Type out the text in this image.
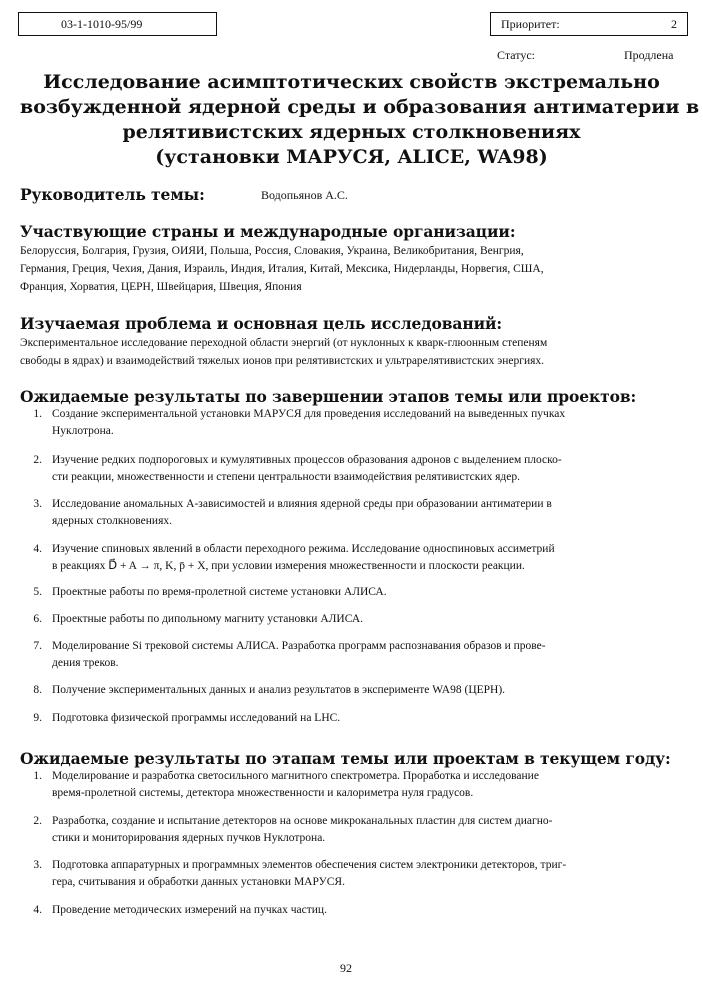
03-1-1010-95/99	Приоритет:	2
Статус:	Продлена
Исследование асимптотических свойств экстремально
возбужденной ядерной среды и образования антиматерии в
релятивистских ядерных столкновениях
(установки МАРУСЯ, ALICE, WA98)
Руководитель темы:	Водопьянов А.С.
Участвующие страны и международные организации:
Белоруссия, Болгария, Грузия, ОИЯИ, Польша, Россия, Словакия, Украина, Великобритания, Венгрия,
Германия, Греция, Чехия, Дания, Израиль, Индия, Италия, Китай, Мексика, Нидерланды, Норвегия, США,
Франция, Хорватия, ЦЕРН, Швейцария, Швеция, Япония
Изучаемая проблема и основная цель исследований:
Экспериментальное исследование переходной области энергий (от нуклонных к кварк-глюонным степеням
свободы в ядрах) и взаимодействий тяжелых ионов при релятивистских и ультрарелятивистских энергиях.
Ожидаемые результаты по завершении этапов темы или проектов:
1. Создание экспериментальной установки МАРУСЯ для проведения исследований на выведенных пучках
Нуклотрона.
2. Изучение редких подпороговых и кумулятивных процессов образования адронов с выделением плоско-
сти реакции, множественности и степени центральности взаимодействия релятивистских ядер.
3. Исследование аномальных А-зависимостей и влияния ядерной среды при образовании антиматерии в
ядерных столкновениях.
4. Изучение спиновых явлений в области переходного режима. Исследование односпиновых ассиметрий
в реакциях D⃗ + A → π, K, p̄ + X, при условии измерения множественности и плоскости реакции.
5. Проектные работы по время-пролетной системе установки АЛИСА.
6. Проектные работы по дипольному магниту установки АЛИСА.
7. Моделирование Si трековой системы АЛИСА. Разработка программ распознавания образов и прове-
дения треков.
8. Получение экспериментальных данных и анализ результатов в эксперименте WA98 (ЦЕРН).
9. Подготовка физической программы исследований на LHC.
Ожидаемые результаты по этапам темы или проектам в текущем году:
1. Моделирование и разработка светосильного магнитного спектрометра. Проработка и исследование
время-пролетной системы, детектора множественности и калориметра нуля градусов.
2. Разработка, создание и испытание детекторов на основе микроканальных пластин для систем диагно-
стики и мониторирования ядерных пучков Нуклотрона.
3. Подготовка аппаратурных и программных элементов обеспечения систем электроники детекторов, триг-
гера, считывания и обработки данных установки МАРУСЯ.
4. Проведение методических измерений на пучках частиц.
92
